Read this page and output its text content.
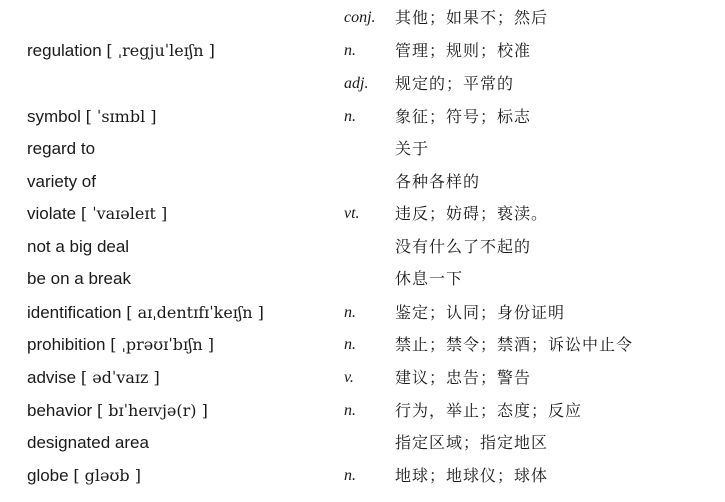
conj. 其他；如果不；然后
regulation [ ˌregjuˈleɪʃn ]	n. 管理；规则；校准
adj. 规定的；平常的
symbol [ ˈsɪmbl ]	n. 象征；符号；标志
regard to	关于
variety of	各种各样的
violate [ ˈvaɪəleɪt ]	vt. 违反；妨碍；亵渎。
not a big deal	没有什么了不起的
be on a break	休息一下
identification [ aɪˌdentɪfɪˈkeɪʃn ]	n. 鉴定；认同；身份证明
prohibition [ ˌprəʊɪˈbɪʃn ]	n. 禁止；禁令；禁酒；诉讼中止令
advise [ ədˈvaɪz ]	v.	建议；忠告；警告
behavior [ bɪˈheɪvjə(r) ]	n. 行为，举止；态度；反应
designated area	指定区域；指定地区
globe [ gləʊb ]	n. 地球；地球仪；球体
